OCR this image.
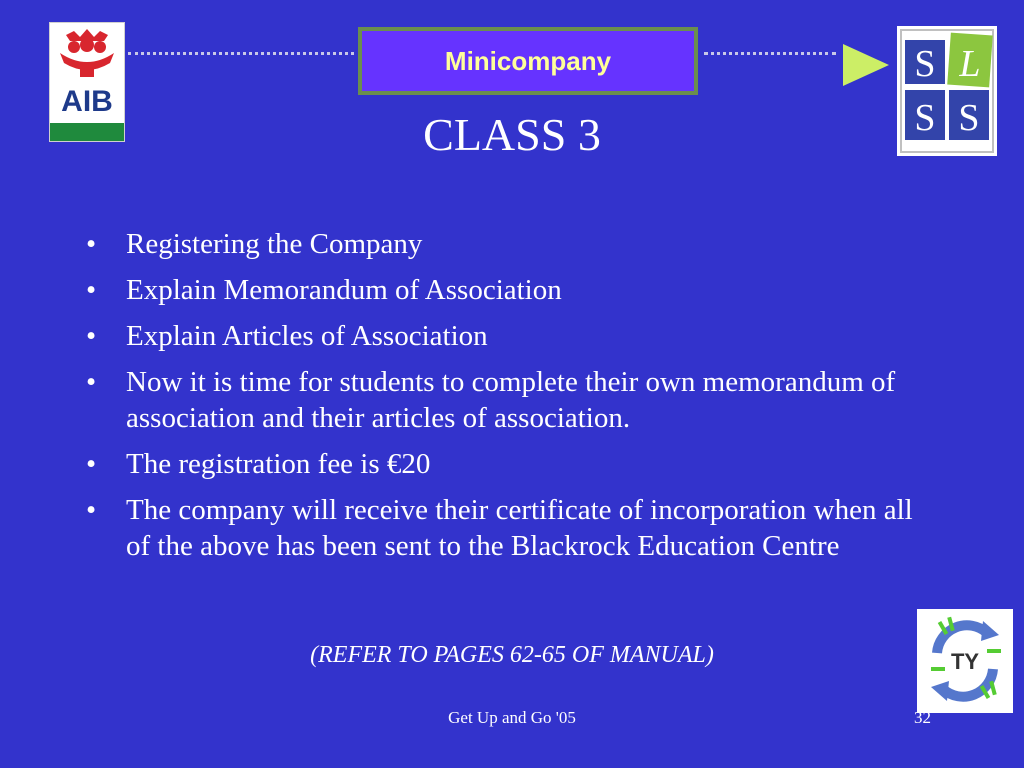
AIB
Minicompany	S L
S S
CLASS 3
• Registering the Company
• Explain Memorandum of Association
• Explain Articles of Association
• Now it is time for students to complete their own memorandum of association and their articles of association.
• The registration fee is €20
• The company will receive their certificate of incorporation when all of the above has been sent to the Blackrock Education Centre
(REFER TO PAGES 62-65 OF MANUAL)	TY
Get Up and Go '05	32
